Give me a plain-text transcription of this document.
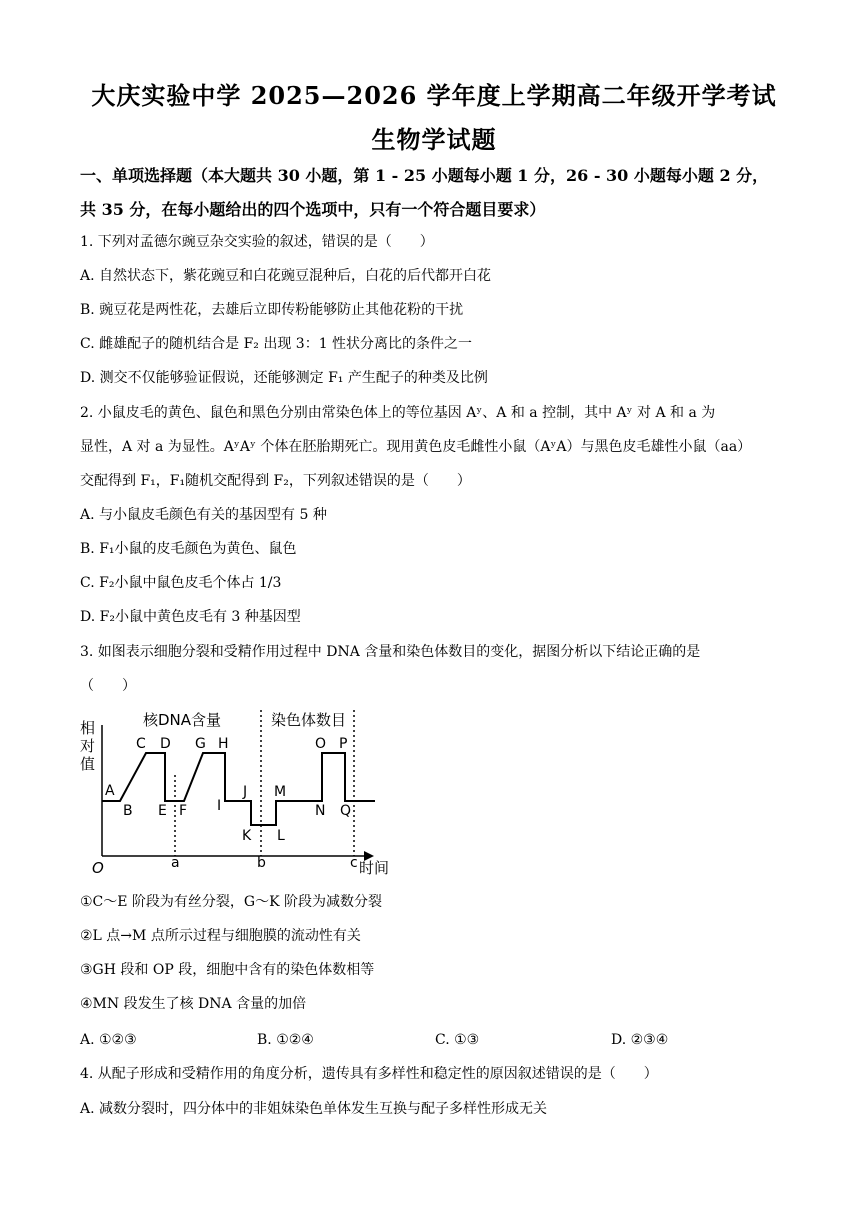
大庆实验中学 2025—2026 学年度上学期高二年级开学考试
生物学试题
一、单项选择题（本大题共 30 小题，第 1 - 25 小题每小题 1 分，26 - 30 小题每小题 2 分，
共 35 分，在每小题给出的四个选项中，只有一个符合题目要求）
1. 下列对孟德尔豌豆杂交实验的叙述，错误的是（　　）
A. 自然状态下，紫花豌豆和白花豌豆混种后，白花的后代都开白花
B. 豌豆花是两性花，去雄后立即传粉能够防止其他花粉的干扰
C. 雌雄配子的随机结合是 F₂ 出现 3：1 性状分离比的条件之一
D. 测交不仅能够验证假说，还能够测定 F₁ 产生配子的种类及比例
2. 小鼠皮毛的黄色、鼠色和黑色分别由常染色体上的等位基因 Aʸ、A 和 a 控制，其中 Aʸ 对 A 和 a 为
显性，A 对 a 为显性。AʸAʸ 个体在胚胎期死亡。现用黄色皮毛雌性小鼠（AʸA）与黑色皮毛雄性小鼠（aa）
交配得到 F₁，F₁随机交配得到 F₂，下列叙述错误的是（　　）
A. 与小鼠皮毛颜色有关的基因型有 5 种
B. F₁小鼠的皮毛颜色为黄色、鼠色
C. F₂小鼠中鼠色皮毛个体占 1/3
D. F₂小鼠中黄色皮毛有 3 种基因型
3. 如图表示细胞分裂和受精作用过程中 DNA 含量和染色体数目的变化，据图分析以下结论正确的是
（　　）
相
对
值
O	时间
核DNA含量	染色体数目
A
B
C D
E F
G H
I
J
K L
M
N
O P
Q
a	b	c
①C～E 阶段为有丝分裂，G～K 阶段为减数分裂
②L 点→M 点所示过程与细胞膜的流动性有关
③GH 段和 OP 段，细胞中含有的染色体数相等
④MN 段发生了核 DNA 含量的加倍
A. ①②③	B. ①②④	C. ①③	D. ②③④
4. 从配子形成和受精作用的角度分析，遗传具有多样性和稳定性的原因叙述错误的是（　　）
A. 减数分裂时，四分体中的非姐妹染色单体发生互换与配子多样性形成无关
